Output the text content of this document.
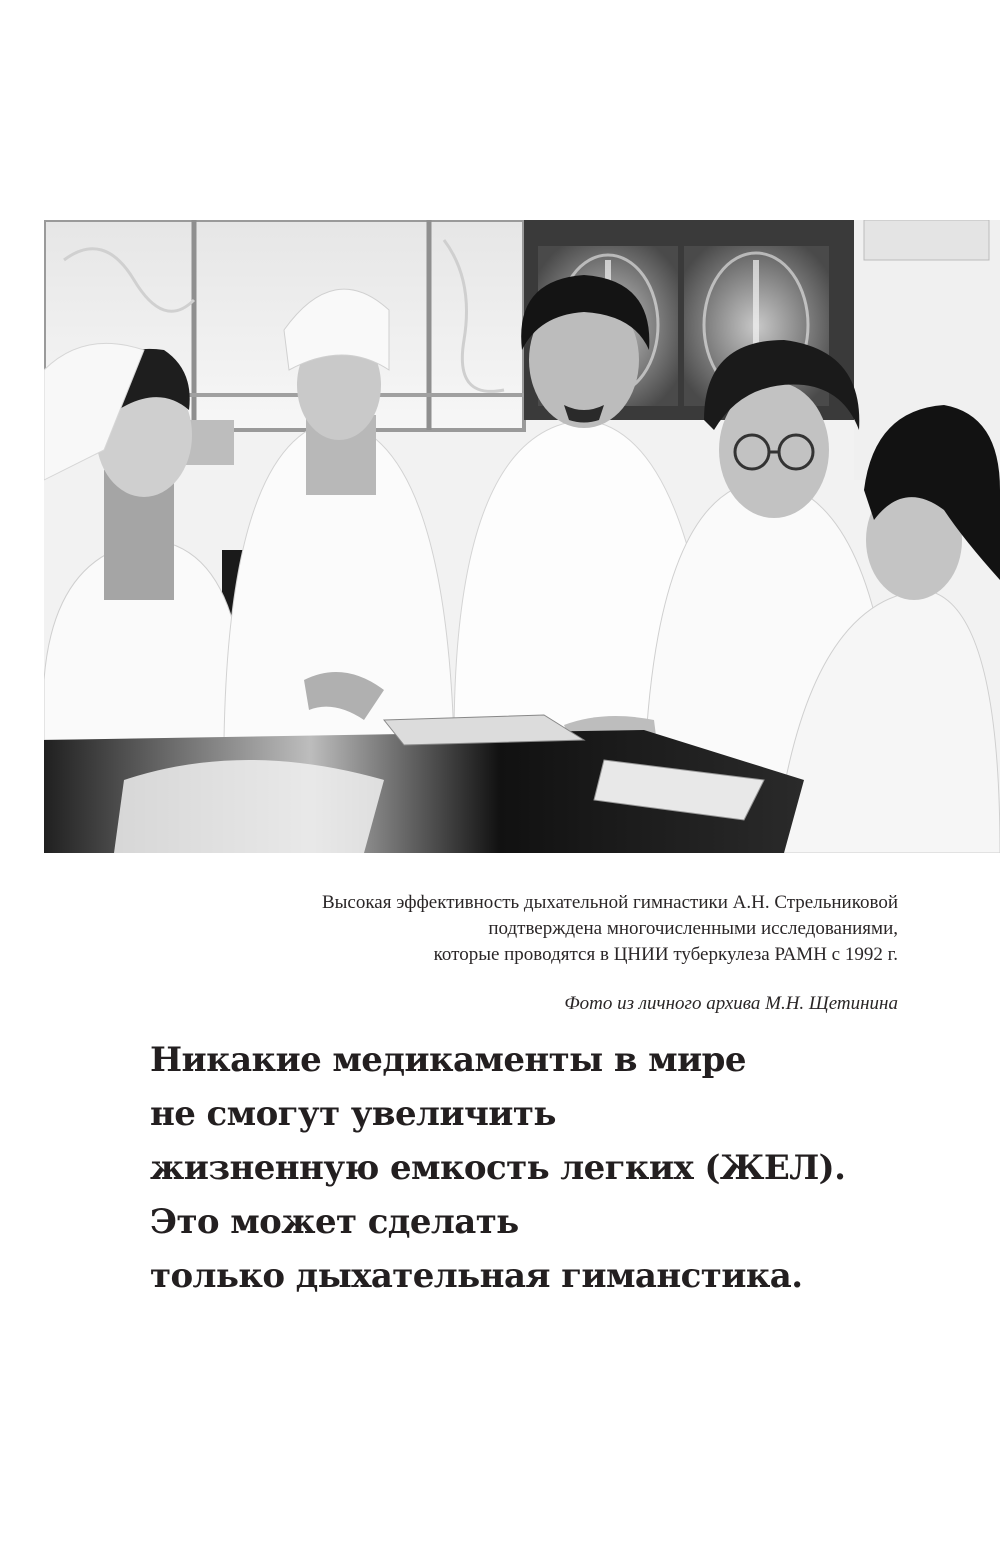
Высокая эффективность дыхательной гимнастики А.Н. Стрельниковой
подтверждена многочисленными исследованиями,
которые проводятся в ЦНИИ туберкулеза РАМН с 1992 г.
Фото из личного архива М.Н. Щетинина
Никакие медикаменты в мире
не смогут увеличить
жизненную емкость легких (ЖЕЛ).
Это может сделать
только дыхательная гиманстика.
